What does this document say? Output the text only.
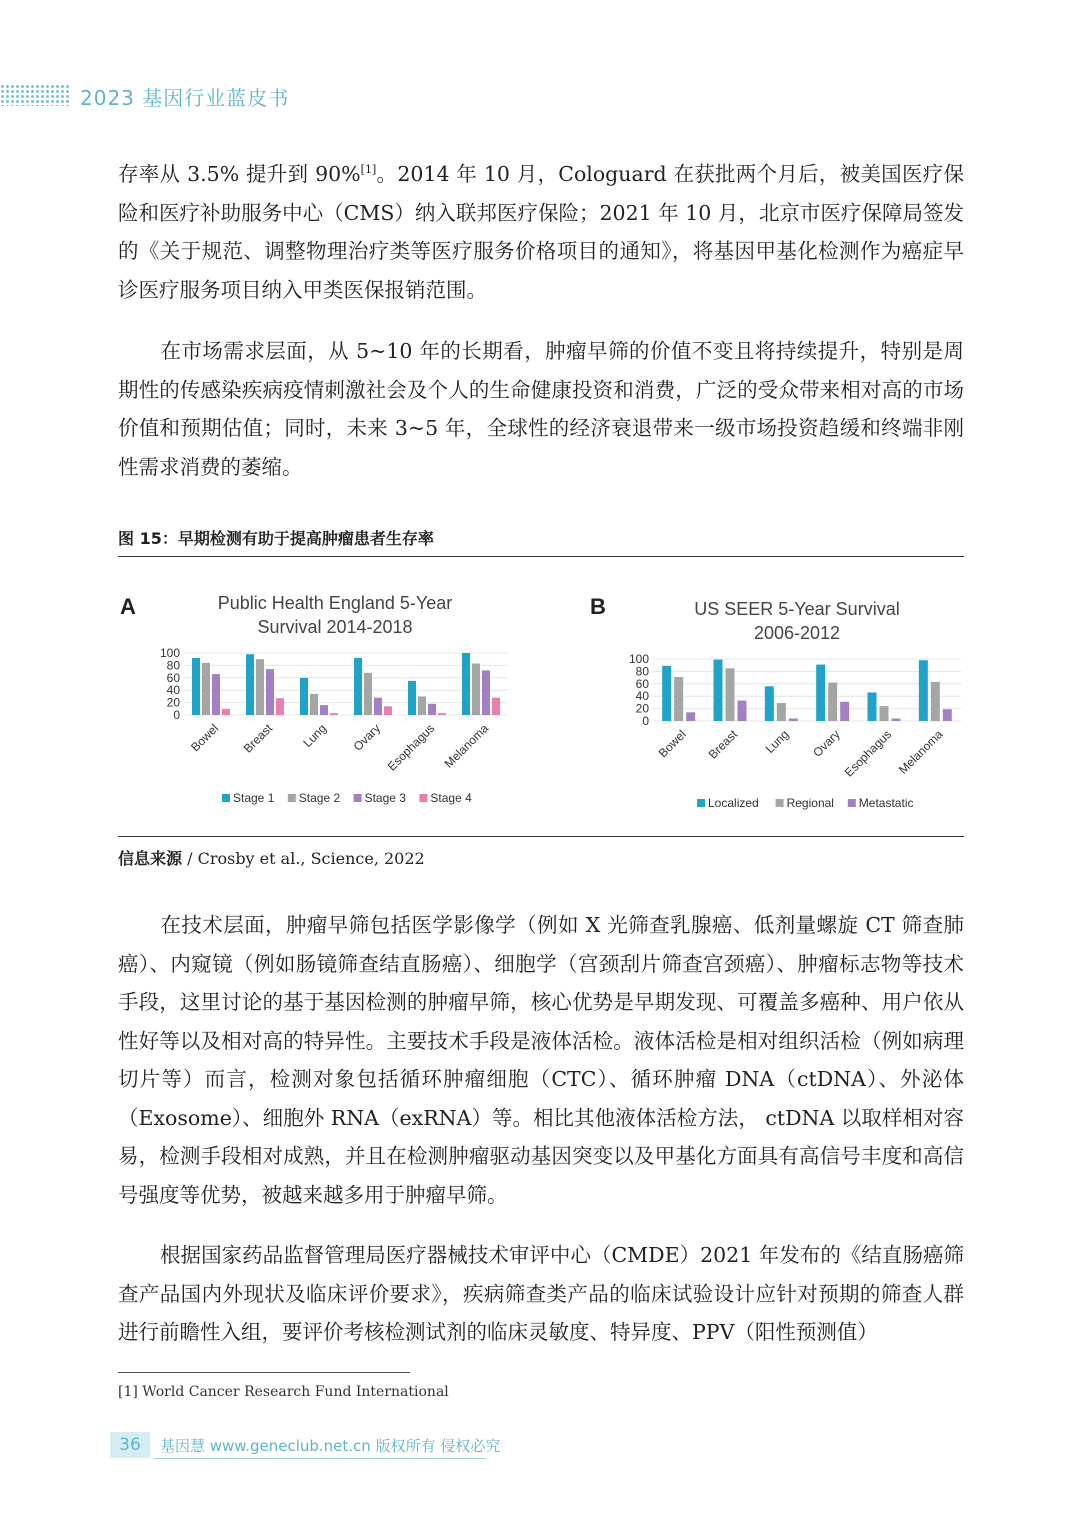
2023 基因行业蓝皮书

存率从 3.5% 提升到 90%[1]。2014 年 10 月，Cologuard 在获批两个月后，被美国医疗保险和医疗补助服务中心（CMS）纳入联邦医疗保险；2021 年 10 月，北京市医疗保障局签发的《关于规范、调整物理治疗类等医疗服务价格项目的通知》，将基因甲基化检测作为癌症早诊医疗服务项目纳入甲类医保报销范围。

在市场需求层面，从 5~10 年的长期看，肿瘤早筛的价值不变且将持续提升，特别是周期性的传感染疾病疫情刺激社会及个人的生命健康投资和消费，广泛的受众带来相对高的市场价值和预期估值；同时，未来 3~5 年，全球性的经济衰退带来一级市场投资趋缓和终端非刚性需求消费的萎缩。

图 15：早期检测有助于提高肿瘤患者生存率
A	Public Health England 5-Year
Survival 2014-2018
100
80
60
40
20
0
Bowel Breast Lung Ovary Esophagus Melanoma
Stage 1 Stage 2 Stage 3 Stage 4
B	US SEER 5-Year Survival
2006-2012
100
80
60
40
20
0
Bowel Breast Lung Ovary
Esophagus Melanoma
Localized Regional Metastatic
信息来源 / Crosby et al., Science, 2022

在技术层面，肿瘤早筛包括医学影像学（例如 X 光筛查乳腺癌、低剂量螺旋 CT 筛查肺癌）、内窥镜（例如肠镜筛查结直肠癌）、细胞学（宫颈刮片筛查宫颈癌）、肿瘤标志物等技术手段，这里讨论的基于基因检测的肿瘤早筛，核心优势是早期发现、可覆盖多癌种、用户依从性好等以及相对高的特异性。主要技术手段是液体活检。液体活检是相对组织活检（例如病理切片等）而言，检测对象包括循环肿瘤细胞（CTC）、循环肿瘤 DNA（ctDNA）、外泌体（Exosome）、细胞外 RNA（exRNA）等。相比其他液体活检方法， ctDNA 以取样相对容易，检测手段相对成熟，并且在检测肿瘤驱动基因突变以及甲基化方面具有高信号丰度和高信号强度等优势，被越来越多用于肿瘤早筛。

根据国家药品监督管理局医疗器械技术审评中心（CMDE）2021 年发布的《结直肠癌筛查产品国内外现状及临床评价要求》，疾病筛查类产品的临床试验设计应针对预期的筛查人群进行前瞻性入组，要评价考核检测试剂的临床灵敏度、特异度、PPV（阳性预测值）

[1] World Cancer Research Fund International
36	基因慧 www.geneclub.net.cn 版权所有 侵权必究
